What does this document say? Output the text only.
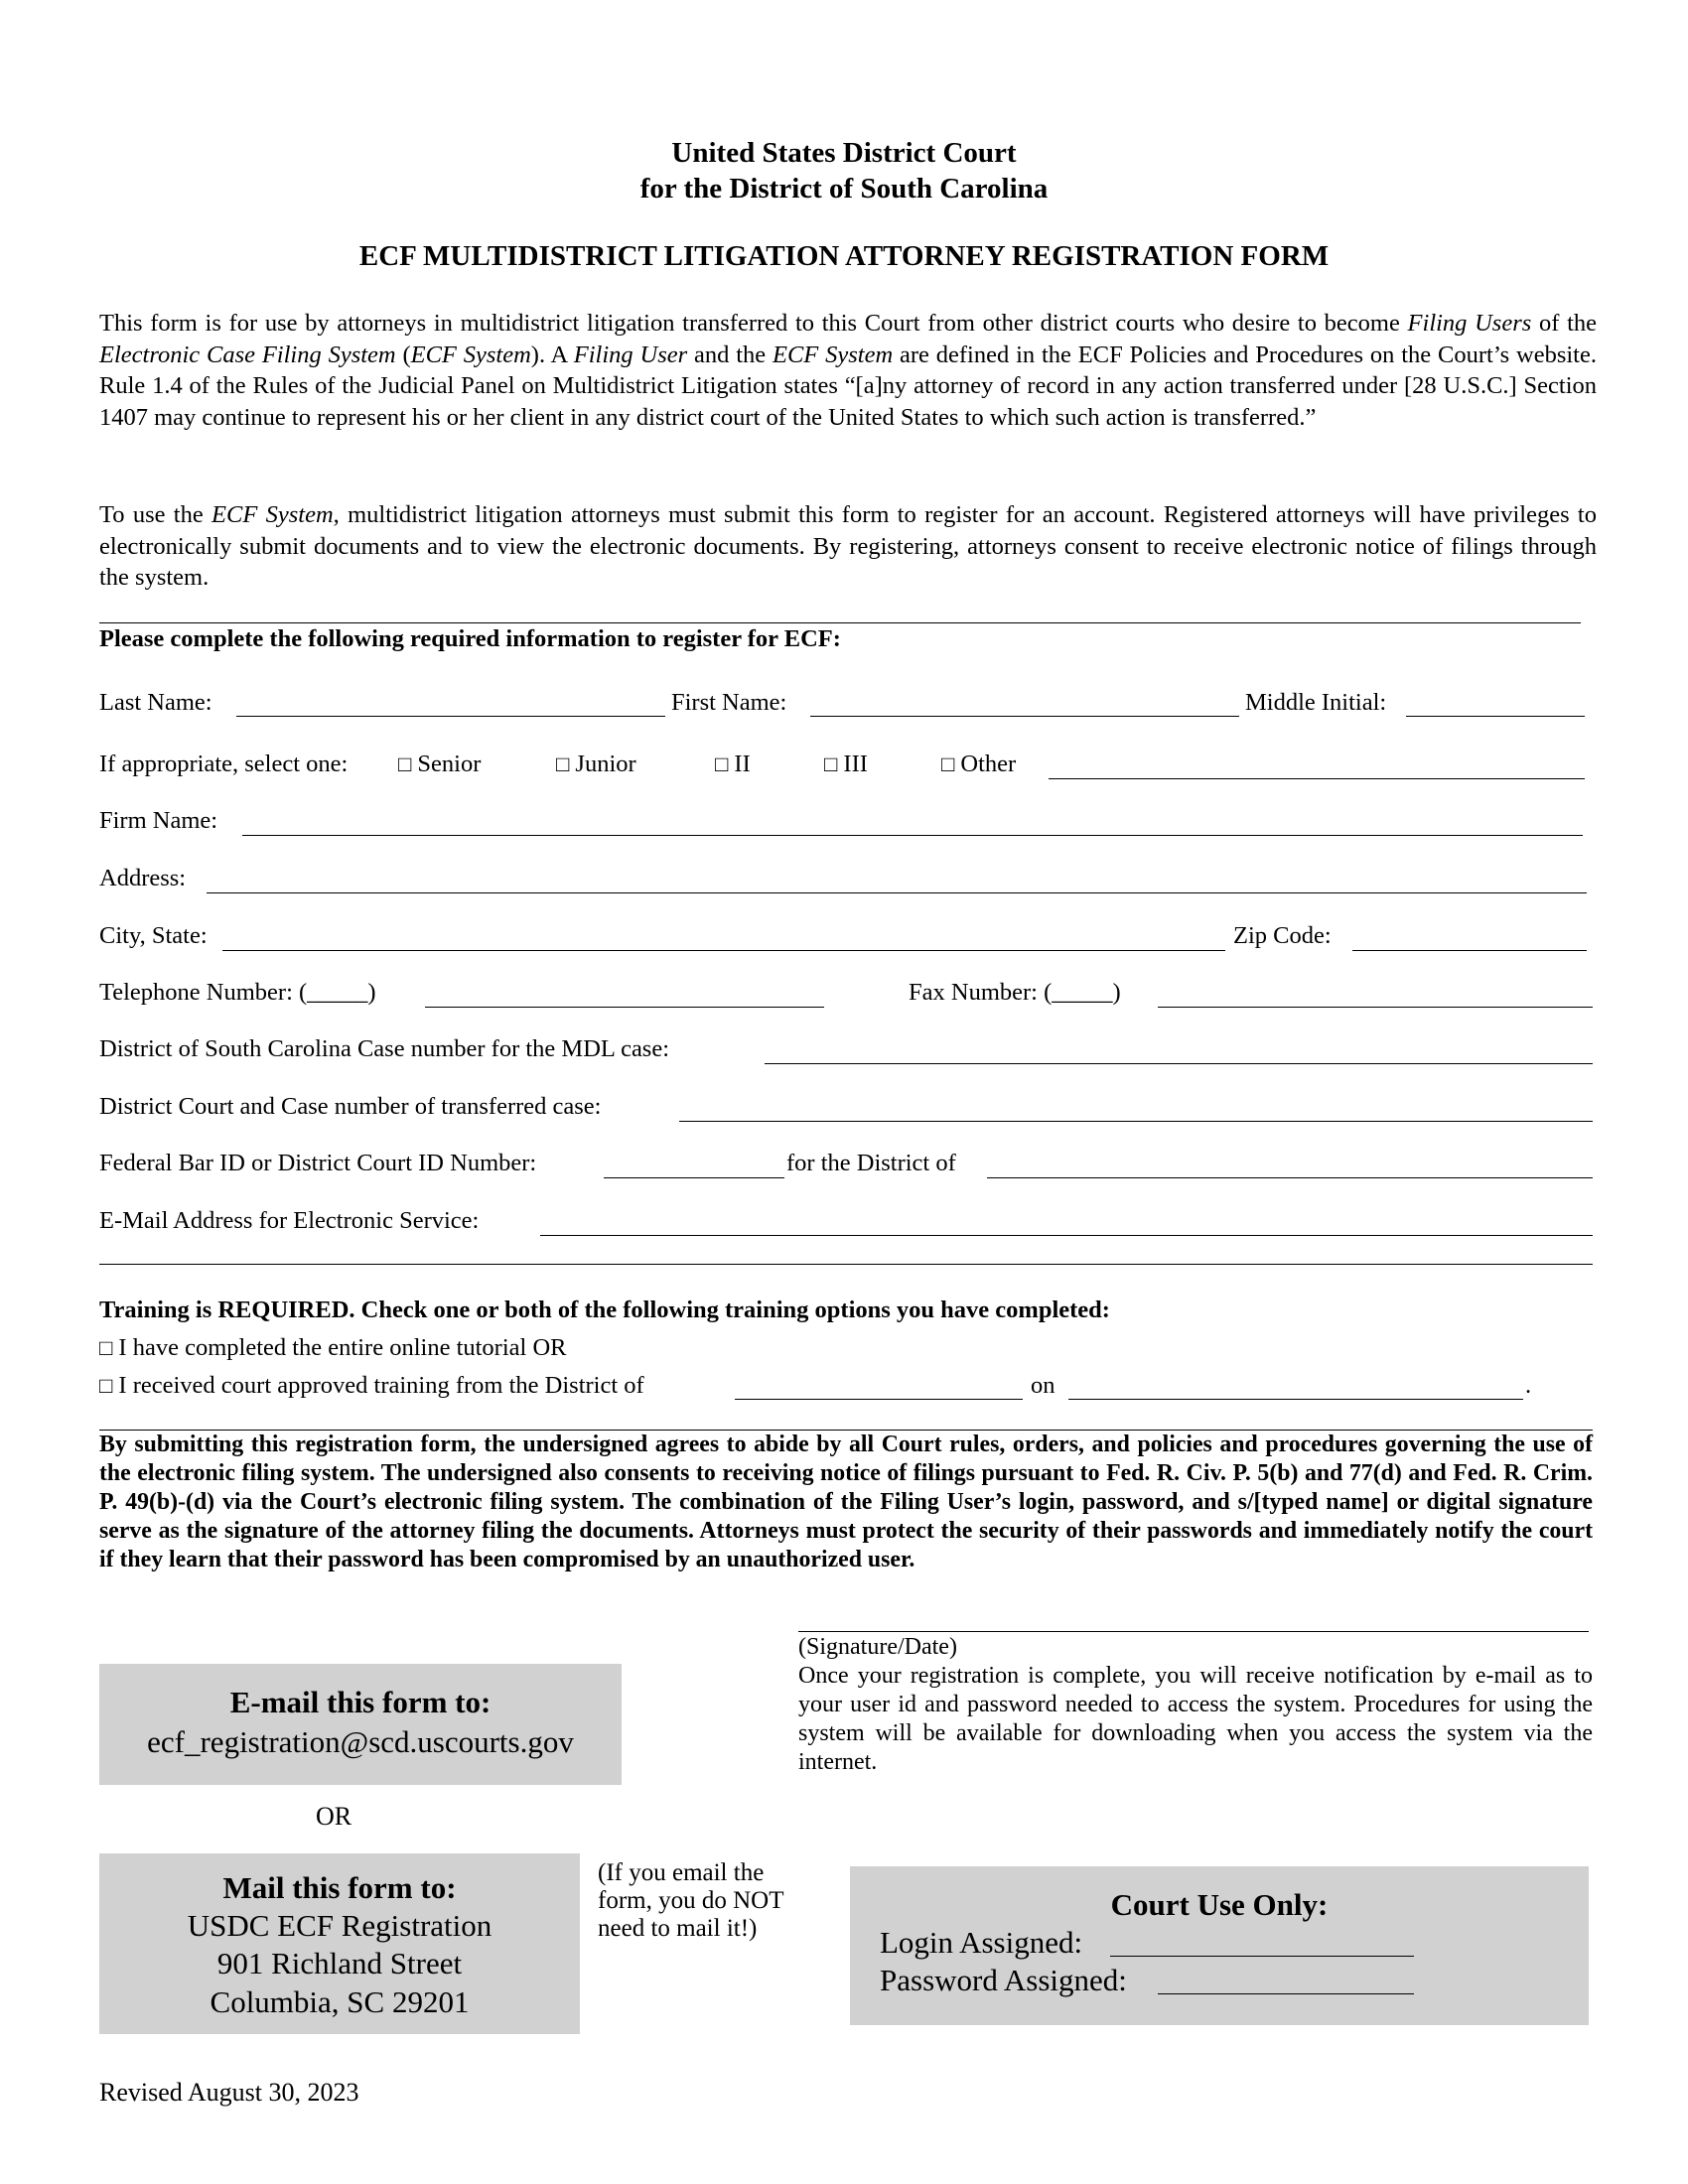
United States District Court
for the District of South Carolina
ECF MULTIDISTRICT LITIGATION ATTORNEY REGISTRATION FORM
This form is for use by attorneys in multidistrict litigation transferred to this Court from other district courts who desire to become Filing Users of the Electronic Case Filing System (ECF System). A Filing User and the ECF System are defined in the ECF Policies and Procedures on the Court’s website. Rule 1.4 of the Rules of the Judicial Panel on Multidistrict Litigation states “[a]ny attorney of record in any action transferred under [28 U.S.C.] Section 1407 may continue to represent his or her client in any district court of the United States to which such action is transferred.”
To use the ECF System, multidistrict litigation attorneys must submit this form to register for an account. Registered attorneys will have privileges to electronically submit documents and to view the electronic documents. By registering, attorneys consent to receive electronic notice of filings through the system.
Please complete the following required information to register for ECF:
Last Name:	First Name:	Middle Initial:
If appropriate, select one: □ Senior	□ Junior	□ II	□ III	□ Other
Firm Name:
Address:
City, State:	Zip Code:
Telephone Number: (_____)	Fax Number: (_____)
District of South Carolina Case number for the MDL case:
District Court and Case number of transferred case:
Federal Bar ID or District Court ID Number:	for the District of
E-Mail Address for Electronic Service:
Training is REQUIRED. Check one or both of the following training options you have completed:
□ I have completed the entire online tutorial OR
□ I received court approved training from the District of	on	.
By submitting this registration form, the undersigned agrees to abide by all Court rules, orders, and policies and procedures governing the use of the electronic filing system. The undersigned also consents to receiving notice of filings pursuant to Fed. R. Civ. P. 5(b) and 77(d) and Fed. R. Crim. P. 49(b)-(d) via the Court’s electronic filing system. The combination of the Filing User’s login, password, and s/[typed name] or digital signature serve as the signature of the attorney filing the documents. Attorneys must protect the security of their passwords and immediately notify the court if they learn that their password has been compromised by an unauthorized user.
(Signature/Date)
Once your registration is complete, you will receive notification by e-mail as to your user id and password needed to access the system. Procedures for using the system will be available for downloading when you access the system via the internet.
E-mail this form to:
ecf_registration@scd.uscourts.gov
OR
Mail this form to:
USDC ECF Registration
901 Richland Street
Columbia, SC 29201
(If you email the
form, you do NOT
need to mail it!)
Court Use Only:
Login Assigned:
Password Assigned:
Revised August 30, 2023
